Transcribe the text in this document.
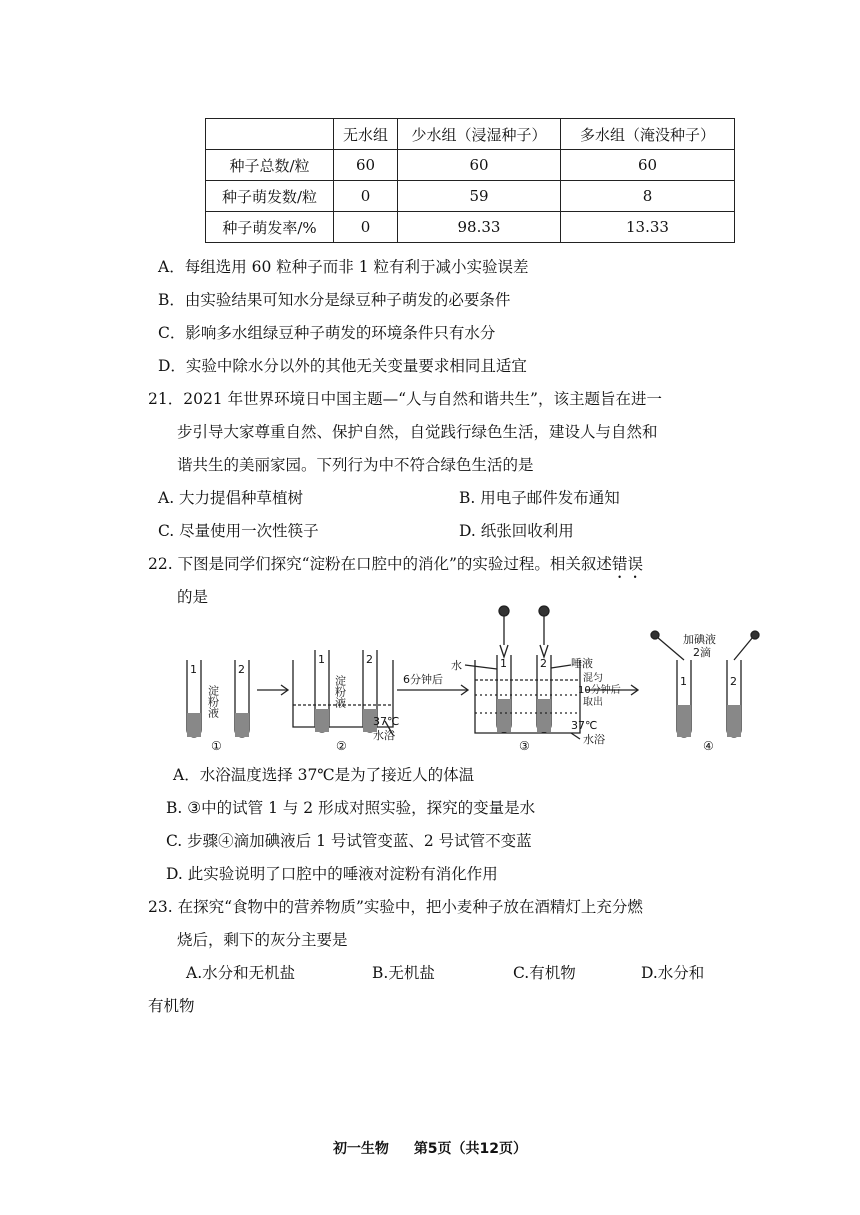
	无水组	少水组（浸湿种子）	多水组（淹没种子）
种子总数/粒	60	60	60
种子萌发数/粒	0	59	8
种子萌发率/%	0	98.33	13.33
A．每组选用 60 粒种子而非 1 粒有利于减小实验误差
B．由实验结果可知水分是绿豆种子萌发的必要条件
C．影响多水组绿豆种子萌发的环境条件只有水分
D．实验中除水分以外的其他无关变量要求相同且适宜
21．2021 年世界环境日中国主题—“人与自然和谐共生”，该主题旨在进一
步引导大家尊重自然、保护自然，自觉践行绿色生活，建设人与自然和
谐共生的美丽家园。下列行为中不符合绿色生活的是
A. 大力提倡种草植树	B. 用电子邮件发布通知
C. 尽量使用一次性筷子	D. 纸张回收利用
22. 下图是同学们探究“淀粉在口腔中的消化”的实验过程。相关叙述错误
的是
1	2
1	2	1	2
1	2
淀粉液	淀粉液	6分钟后
37℃
水浴
水	唾液
混匀
10分钟后
取出
37℃
水浴
加碘液
2滴
①	②	③	④
A．水浴温度选择 37℃是为了接近人的体温
B. ③中的试管 1 与 2 形成对照实验，探究的变量是水
C. 步骤④滴加碘液后 1 号试管变蓝、2 号试管不变蓝
D. 此实验说明了口腔中的唾液对淀粉有消化作用
23. 在探究“食物中的营养物质”实验中，把小麦种子放在酒精灯上充分燃
烧后，剩下的灰分主要是
A.水分和无机盐	B.无机盐	C.有机物	D.水分和
有机物
初一生物 第5页（共12页）
